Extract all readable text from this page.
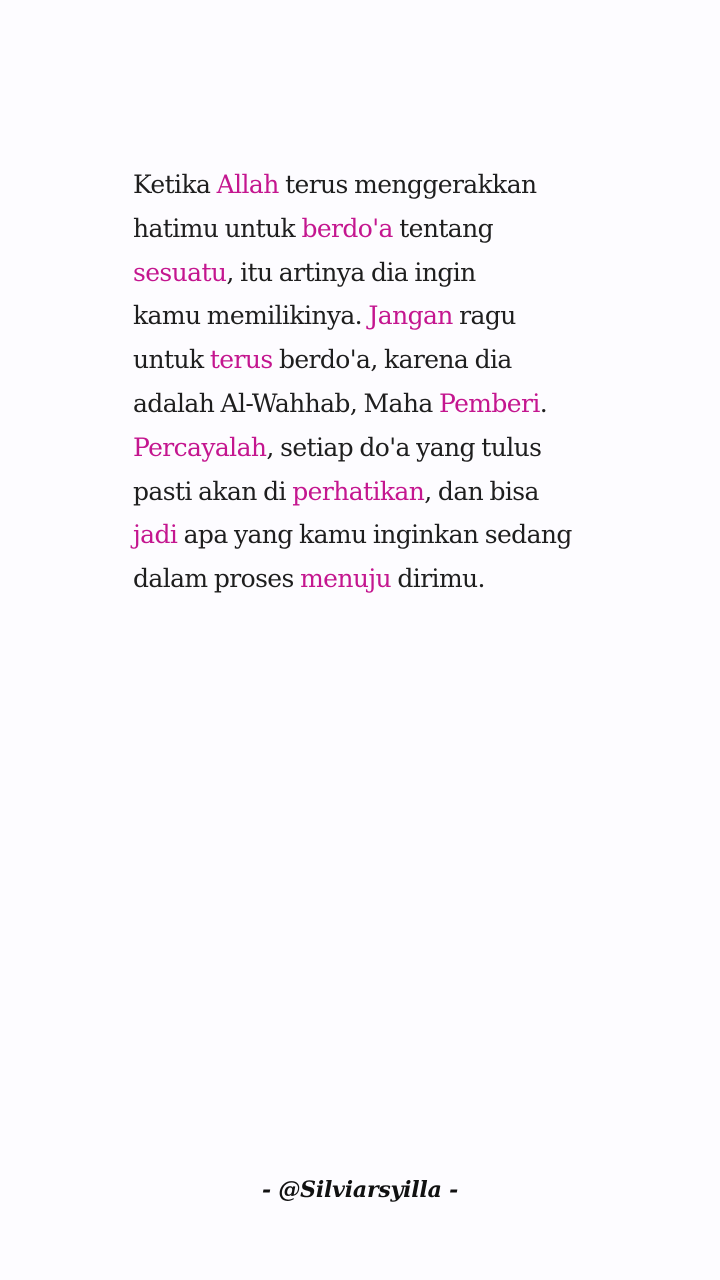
Ketika Allah terus menggerakkan
hatimu untuk berdo'a tentang
sesuatu, itu artinya dia ingin
kamu memilikinya. Jangan ragu
untuk terus berdo'a, karena dia
adalah Al-Wahhab, Maha Pemberi.
Percayalah, setiap do'a yang tulus
pasti akan di perhatikan, dan bisa
jadi apa yang kamu inginkan sedang
dalam proses menuju dirimu.
- @Silviarsyilla -
